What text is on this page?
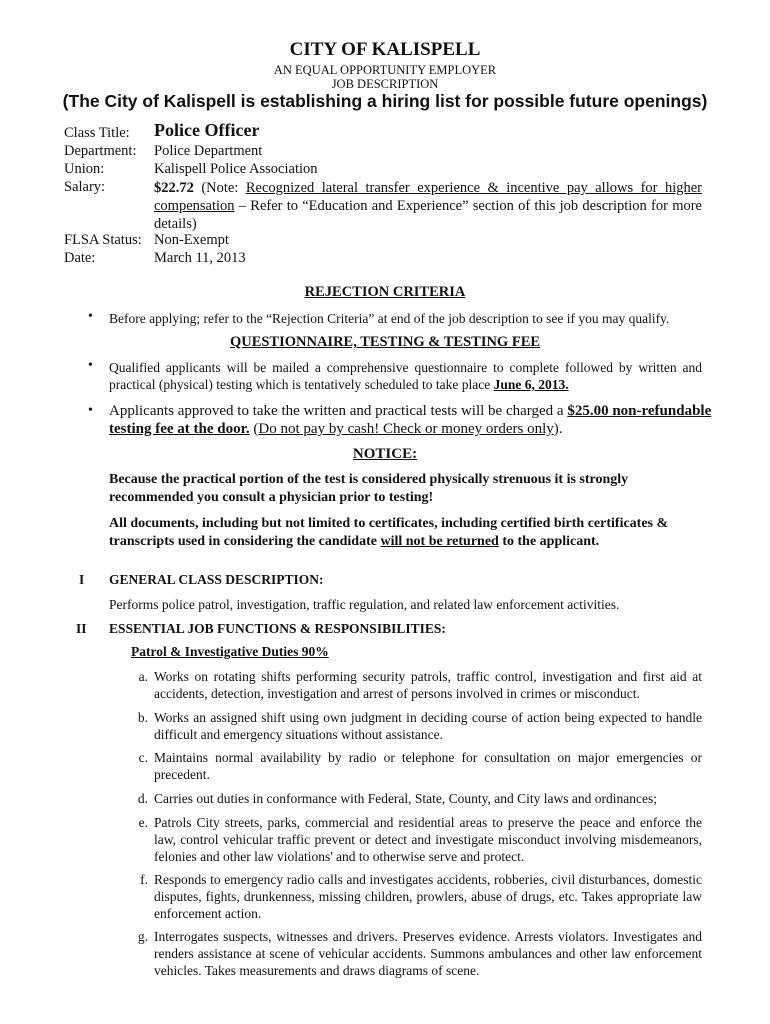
CITY OF KALISPELL
AN EQUAL OPPORTUNITY EMPLOYER
JOB DESCRIPTION
(The City of Kalispell is establishing a hiring list for possible future openings)
Class Title: Police Officer
Department: Police Department
Union:	Kalispell Police Association
Salary:	$22.72 (Note: Recognized lateral transfer experience & incentive pay allows for higher compensation – Refer to “Education and Experience” section of this job description for more details)
FLSA Status: Non-Exempt
Date:	March 11, 2013
REJECTION CRITERIA
• Before applying; refer to the “Rejection Criteria” at end of the job description to see if you may qualify.
QUESTIONNAIRE, TESTING & TESTING FEE
• Qualified applicants will be mailed a comprehensive questionnaire to complete followed by written and practical (physical) testing which is tentatively scheduled to take place June 6, 2013.
• Applicants approved to take the written and practical tests will be charged a $25.00 non-refundable testing fee at the door. (Do not pay by cash! Check or money orders only).
NOTICE:
Because the practical portion of the test is considered physically strenuous it is strongly recommended you consult a physician prior to testing!
All documents, including but not limited to certificates, including certified birth certificates & transcripts used in considering the candidate will not be returned to the applicant.
I GENERAL CLASS DESCRIPTION:
Performs police patrol, investigation, traffic regulation, and related law enforcement activities.
II ESSENTIAL JOB FUNCTIONS & RESPONSIBILITIES:
Patrol & Investigative Duties 90%
a. Works on rotating shifts performing security patrols, traffic control, investigation and first aid at accidents, detection, investigation and arrest of persons involved in crimes or misconduct.
b. Works an assigned shift using own judgment in deciding course of action being expected to handle difficult and emergency situations without assistance.
c. Maintains normal availability by radio or telephone for consultation on major emergencies or precedent.
d. Carries out duties in conformance with Federal, State, County, and City laws and ordinances;
e. Patrols City streets, parks, commercial and residential areas to preserve the peace and enforce the law, control vehicular traffic prevent or detect and investigate misconduct involving misdemeanors, felonies and other law violations' and to otherwise serve and protect.
f. Responds to emergency radio calls and investigates accidents, robberies, civil disturbances, domestic disputes, fights, drunkenness, missing children, prowlers, abuse of drugs, etc. Takes appropriate law enforcement action.
g. Interrogates suspects, witnesses and drivers. Preserves evidence. Arrests violators. Investigates and renders assistance at scene of vehicular accidents. Summons ambulances and other law enforcement vehicles. Takes measurements and draws diagrams of scene.
